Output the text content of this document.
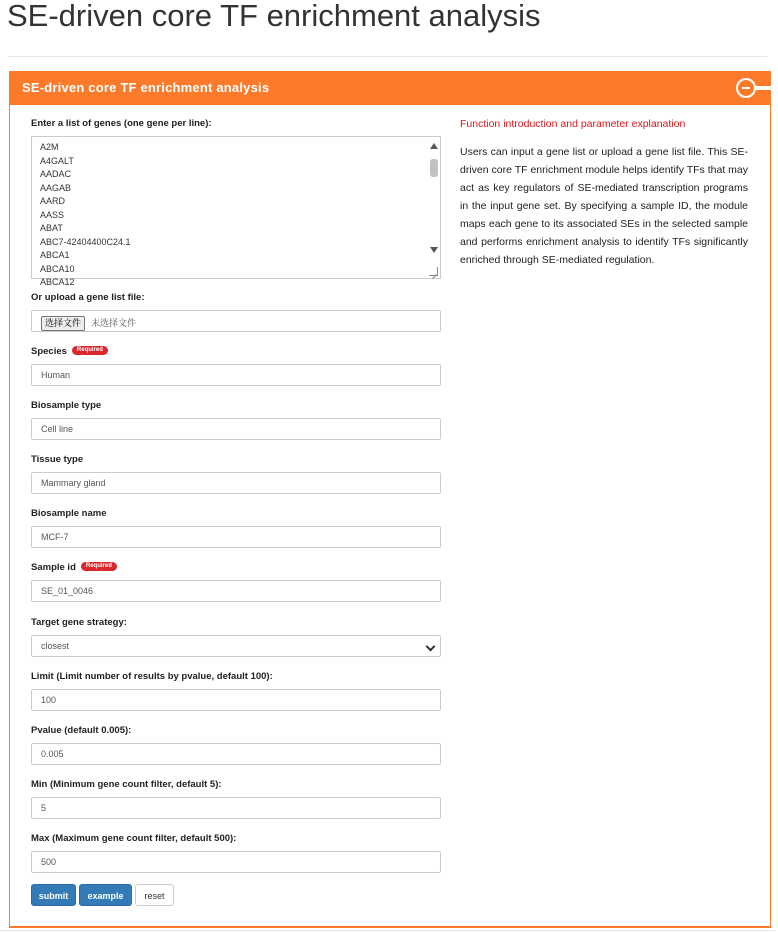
SE-driven core TF enrichment analysis
SE-driven core TF enrichment analysis
Enter a list of genes (one gene per line):
A2M
A4GALT
AADAC
AAGAB
AARD
AASS
ABAT
ABC7-42404400C24.1
ABCA1
ABCA10
ABCA12
Or upload a gene list file:
选择文件	未选择文件
Species Required
Human
Biosample type
Cell line
Tissue type
Mammary gland
Biosample name
MCF-7
Sample id Required
SE_01_0046
Target gene strategy:
closest
Limit (Limit number of results by pvalue, default 100):
100
Pvalue (default 0.005):
0.005
Min (Minimum gene count filter, default 5):
5
Max (Maximum gene count filter, default 500):
500
submit	example	reset

Function introduction and parameter explanation

Users can input a gene list or upload a gene list file. This SE-driven core TF enrichment module helps identify TFs that may act as key regulators of SE-mediated transcription programs in the input gene set. By specifying a sample ID, the module maps each gene to its associated SEs in the selected sample and performs enrichment analysis to identify TFs significantly enriched through SE-mediated regulation.
